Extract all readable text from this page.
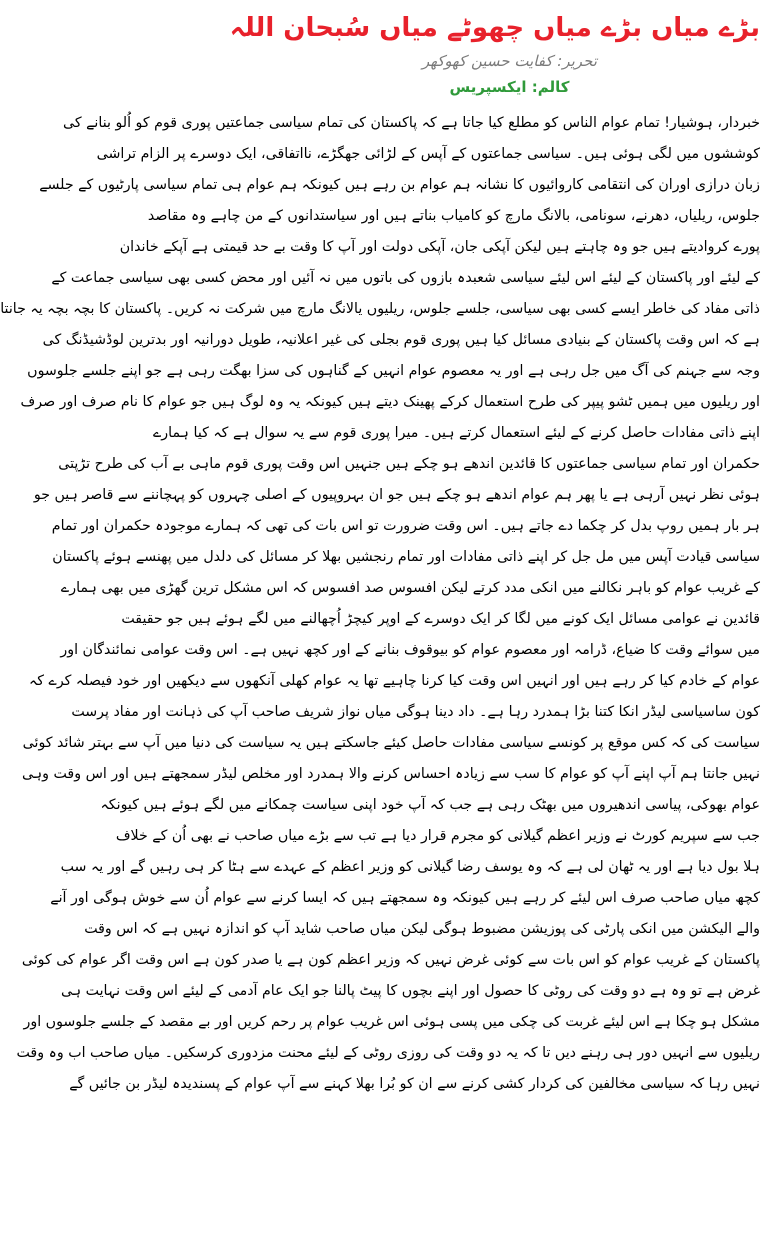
بڑے میاں بڑے میاں چھوٹے میاں سُبحان اللہ
تحریر: کفایت حسین کھوکھر
کالم: ایکسپریس
خبردار، ہوشیار! تمام عوام الناس کو مطلع کیا جاتا ہے کہ پاکستان کی تمام سیاسی جماعتیں پوری قوم کو اُلو بنانے کی
کوششوں میں لگی ہوئی ہیں۔ سیاسی جماعتوں کے آپس کے لڑائی جھگڑے، نااتفاقی، ایک دوسرے پر الزام تراشی
زبان درازی اوران کی انتقامی کاروائیوں کا نشانہ ہم عوام بن رہے ہیں کیونکہ ہم عوام ہی تمام سیاسی پارٹیوں کے جلسے
جلوس، ریلیاں، دھرنے، سونامی، بالانگ مارچ کو کامیاب بناتے ہیں اور سیاستدانوں کے من چاہے وہ مقاصد
پورے کروادیتے ہیں جو وہ چاہتے ہیں لیکن آپکی جان، آپکی دولت اور آپ کا وقت بے حد قیمتی ہے آپکے خاندان
کے لیئے اور پاکستان کے لیئے اس لیئے سیاسی شعبدہ بازوں کی باتوں میں نہ آئیں اور محض کسی بھی سیاسی جماعت کے
ذاتی مفاد کی خاطر ایسے کسی بھی سیاسی، جلسے جلوس، ریلیوں یالانگ مارچ میں شرکت نہ کریں۔ پاکستان کا بچہ بچہ یہ جانتا
ہے کہ اس وقت پاکستان کے بنیادی مسائل کیا ہیں پوری قوم بجلی کی غیر اعلانیہ، طویل دورانیہ اور بدترین لوڈشیڈنگ کی
وجہ سے جہنم کی آگ میں جل رہی ہے اور یہ معصوم عوام انہیں کے گناہوں کی سزا بھگت رہی ہے جو اپنے جلسے جلوسوں
اور ریلیوں میں ہمیں ٹشو پیپر کی طرح استعمال کرکے پھینک دیتے ہیں کیونکہ یہ وہ لوگ ہیں جو عوام کا نام صرف اور صرف
اپنے ذاتی مفادات حاصل کرنے کے لیئے استعمال کرتے ہیں۔ میرا پوری قوم سے یہ سوال ہے کہ کیا ہمارے
حکمران اور تمام سیاسی جماعتوں کا قائدین اندھے ہو چکے ہیں جنہیں اس وقت پوری قوم ماہی بے آب کی طرح تڑپتی
ہوئی نظر نہیں آرہی ہے یا پھر ہم عوام اندھے ہو چکے ہیں جو ان بہروپیوں کے اصلی چہروں کو پہچاننے سے قاصر ہیں جو
ہر بار ہمیں روپ بدل کر چکما دے جاتے ہیں۔ اس وقت ضرورت تو اس بات کی تھی کہ ہمارے موجودہ حکمران اور تمام
سیاسی قیادت آپس میں مل جل کر اپنے ذاتی مفادات اور تمام رنجشیں بھلا کر مسائل کی دلدل میں پھنسے ہوئے پاکستان
کے غریب عوام کو باہر نکالنے میں انکی مدد کرتے لیکن افسوس صد افسوس کہ اس مشکل ترین گھڑی میں بھی ہمارے
قائدین نے عوامی مسائل ایک کونے میں لگا کر ایک دوسرے کے اوپر کیچڑ اُچھالنے میں لگے ہوئے ہیں جو حقیقت
میں سوائے وقت کا ضیاع، ڈرامہ اور معصوم عوام کو بیوقوف بنانے کے اور کچھ نہیں ہے۔ اس وقت عوامی نمائندگان اور
عوام کے خادم کیا کر رہے ہیں اور انہیں اس وقت کیا کرنا چاہیے تھا یہ عوام کھلی آنکھوں سے دیکھیں اور خود فیصلہ کرے کہ
کون ساسیاسی لیڈر انکا کتنا بڑا ہمدرد رہا ہے۔ داد دینا ہوگی میاں نواز شریف صاحب آپ کی ذہانت اور مفاد پرست
سیاست کی کہ کس موقع پر کونسے سیاسی مفادات حاصل کیئے جاسکتے ہیں یہ سیاست کی دنیا میں آپ سے بہتر شائد کوئی
نہیں جانتا ہم آپ اپنے آپ کو عوام کا سب سے زیادہ احساس کرنے والا ہمدرد اور مخلص لیڈر سمجھتے ہیں اور اس وقت وہی
عوام بھوکی، پیاسی اندھیروں میں بھٹک رہی ہے جب کہ آپ خود اپنی سیاست چمکانے میں لگے ہوئے ہیں کیونکہ
جب سے سپریم کورٹ نے وزیر اعظم گیلانی کو مجرم قرار دیا ہے تب سے بڑے میاں صاحب نے بھی اُن کے خلاف
ہلا بول دیا ہے اور یہ ٹھان لی ہے کہ وہ یوسف رضا گیلانی کو وزیر اعظم کے عہدے سے ہٹا کر ہی رہیں گے اور یہ سب
کچھ میاں صاحب صرف اس لیئے کر رہے ہیں کیونکہ وہ سمجھتے ہیں کہ ایسا کرنے سے عوام اُن سے خوش ہوگی اور آنے
والے الیکشن میں انکی پارٹی کی پوزیشن مضبوط ہوگی لیکن میاں صاحب شاید آپ کو اندازہ نہیں ہے کہ اس وقت
پاکستان کے غریب عوام کو اس بات سے کوئی غرض نہیں کہ وزیر اعظم کون ہے یا صدر کون ہے اس وقت اگر عوام کی کوئی
غرض ہے تو وہ ہے دو وقت کی روٹی کا حصول اور اپنے بچوں کا پیٹ پالنا جو ایک عام آدمی کے لیئے اس وقت نہایت ہی
مشکل ہو چکا ہے اس لیئے غربت کی چکی میں پسی ہوئی اس غریب عوام پر رحم کریں اور بے مقصد کے جلسے جلوسوں اور
ریلیوں سے انہیں دور ہی رہنے دیں تا کہ یہ دو وقت کی روزی روٹی کے لیئے محنت مزدوری کرسکیں۔ میاں صاحب اب وہ وقت
نہیں رہا کہ سیاسی مخالفین کی کردار کشی کرنے سے ان کو بُرا بھلا کہنے سے آپ عوام کے پسندیدہ لیڈر بن جائیں گے
